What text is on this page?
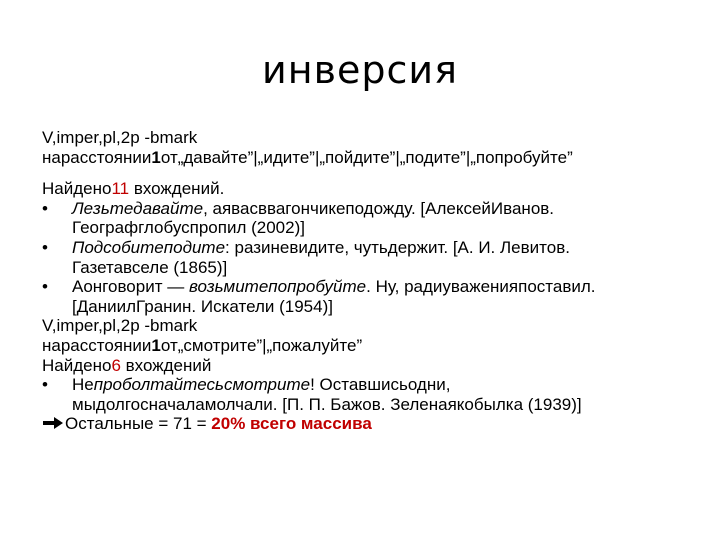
инверсия
V,imper,pl,2p -bmark
нарасстоянии1от„давайте”|„идите”|„пойдите”|„подите”|„попробуйте”
Найдено11 вхождений.
• Лезьтедавайте, аявасввагончикеподожду. [АлексейИванов.
Географглобуспропил (2002)]
• Подсобитеподите: разиневидите, чутьдержит. [А. И. Левитов.
Газетавселе (1865)]
• Аонговорит — возьмитепопробуйте. Ну, радиуваженияпоставил.
[ДаниилГранин. Искатели (1954)]
V,imper,pl,2p -bmark
нарасстоянии1от„смотрите”|„пожалуйте”
Найдено6 вхождений
• Непроболтайтесьсмотрите! Оставшисьодни,
мыдолгосначаламолчали. [П. П. Бажов. Зеленаякобылка (1939)]
Остальные = 71 = 20% всего массива
